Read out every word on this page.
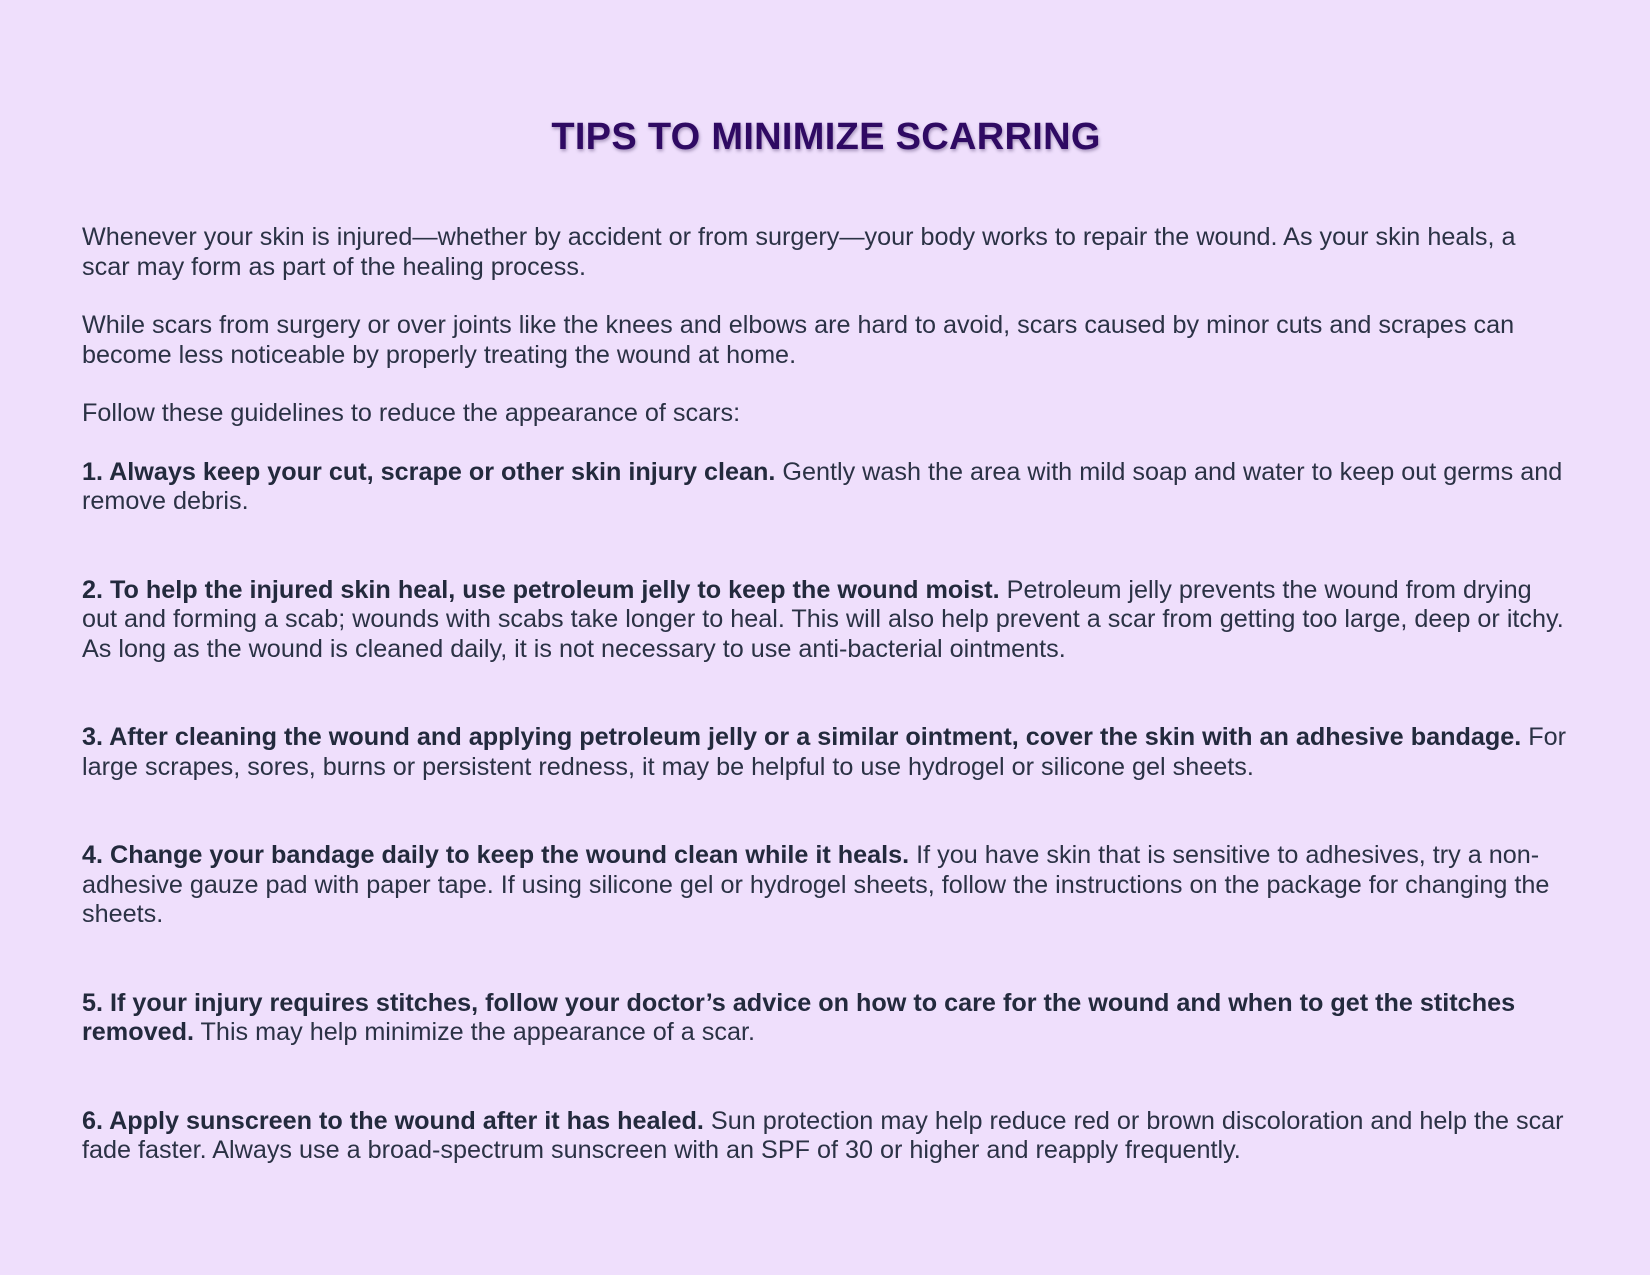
TIPS TO MINIMIZE SCARRING

Whenever your skin is injured—whether by accident or from surgery—your body works to repair the wound. As your skin heals, a scar may form as part of the healing process.

While scars from surgery or over joints like the knees and elbows are hard to avoid, scars caused by minor cuts and scrapes can become less noticeable by properly treating the wound at home.

Follow these guidelines to reduce the appearance of scars:

1. Always keep your cut, scrape or other skin injury clean. Gently wash the area with mild soap and water to keep out germs and remove debris.

2. To help the injured skin heal, use petroleum jelly to keep the wound moist. Petroleum jelly prevents the wound from drying out and forming a scab; wounds with scabs take longer to heal. This will also help prevent a scar from getting too large, deep or itchy. As long as the wound is cleaned daily, it is not necessary to use anti-bacterial ointments.

3. After cleaning the wound and applying petroleum jelly or a similar ointment, cover the skin with an adhesive bandage. For large scrapes, sores, burns or persistent redness, it may be helpful to use hydrogel or silicone gel sheets.

4. Change your bandage daily to keep the wound clean while it heals. If you have skin that is sensitive to adhesives, try a non-adhesive gauze pad with paper tape. If using silicone gel or hydrogel sheets, follow the instructions on the package for changing the sheets.

5. If your injury requires stitches, follow your doctor’s advice on how to care for the wound and when to get the stitches removed. This may help minimize the appearance of a scar.

6. Apply sunscreen to the wound after it has healed. Sun protection may help reduce red or brown discoloration and help the scar fade faster. Always use a broad-spectrum sunscreen with an SPF of 30 or higher and reapply frequently.
